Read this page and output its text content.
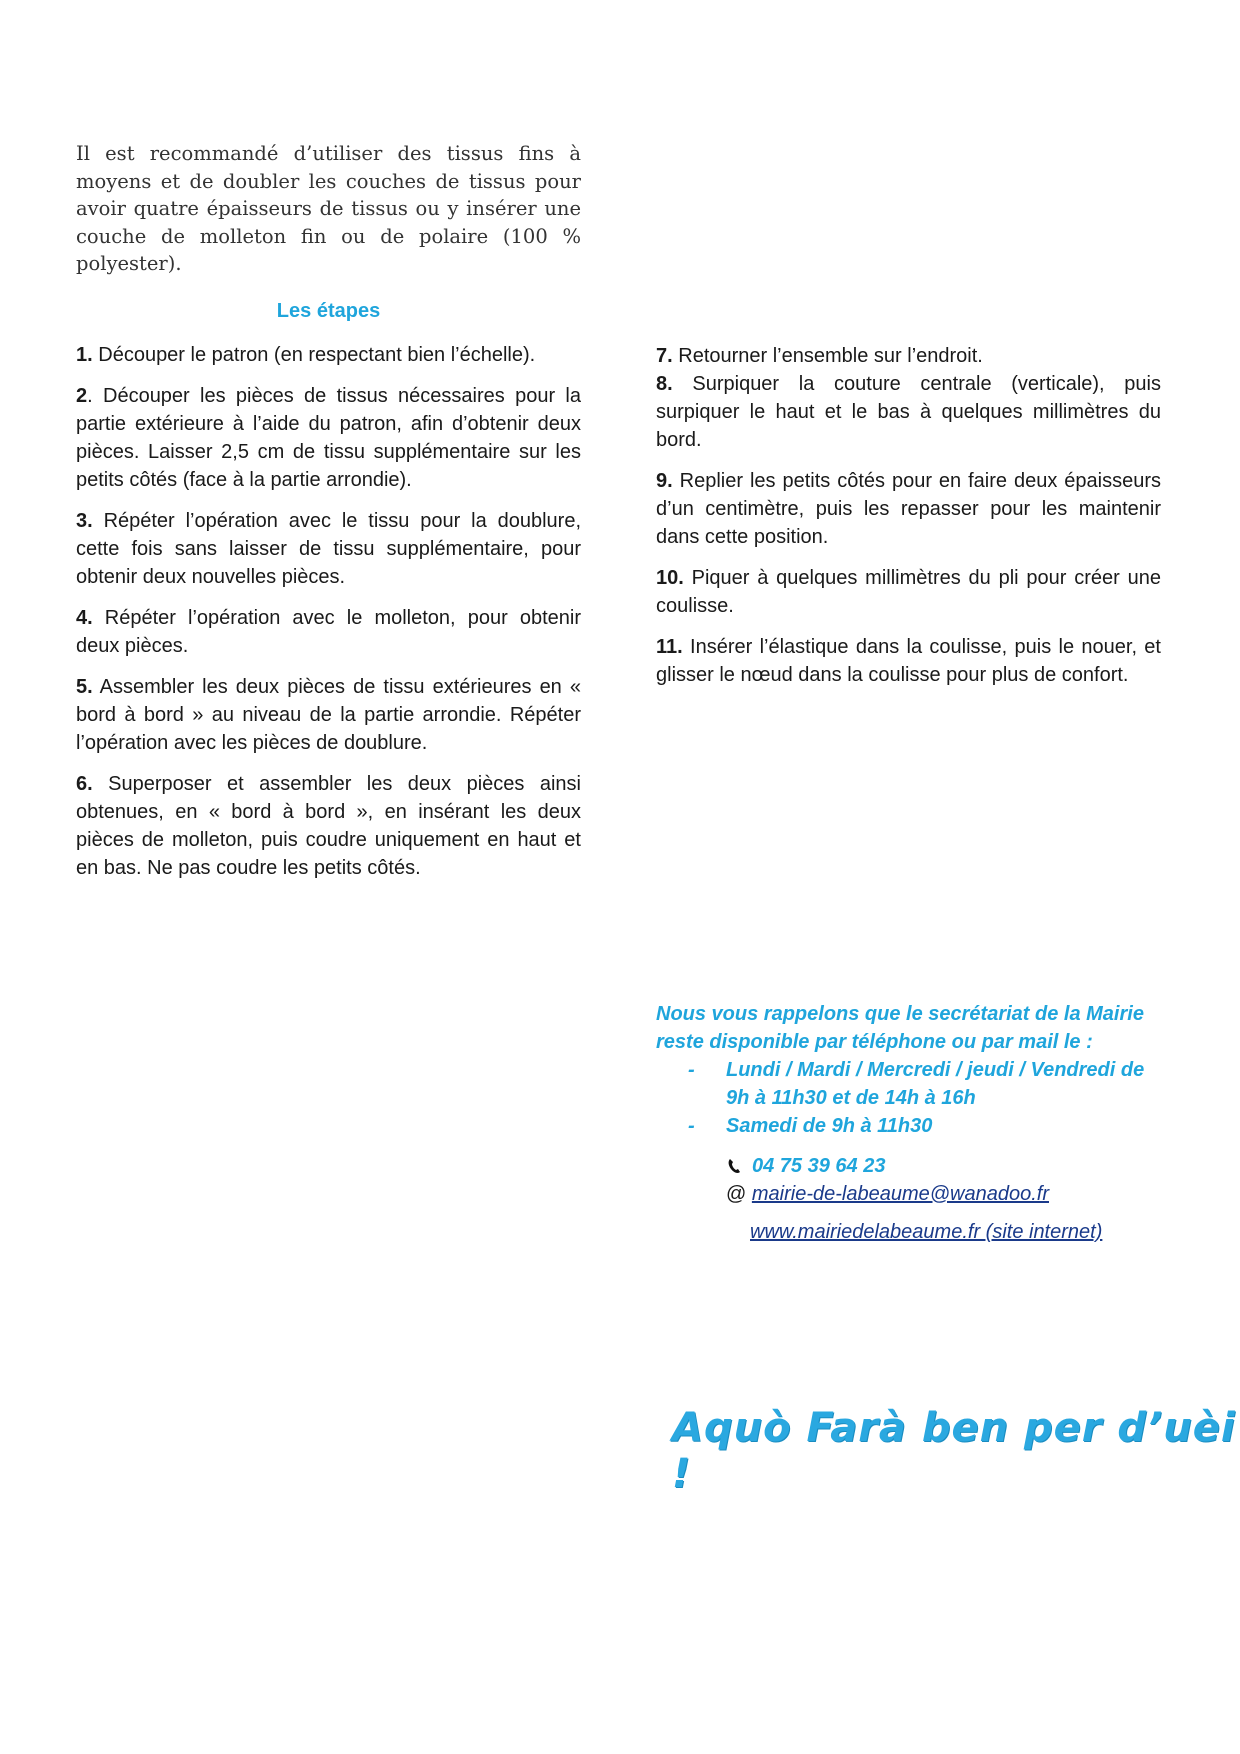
Il est recommandé d’utiliser des tissus fins à moyens et de doubler les couches de tissus pour avoir quatre épaisseurs de tissus ou y insérer une couche de molleton fin ou de polaire (100 % polyester).

Les étapes

1. Découper le patron (en respectant bien l’échelle).

2. Découper les pièces de tissus nécessaires pour la partie extérieure à l’aide du patron, afin d’obtenir deux pièces. Laisser 2,5 cm de tissu supplémentaire sur les petits côtés (face à la partie arrondie).

3. Répéter l’opération avec le tissu pour la doublure, cette fois sans laisser de tissu supplémentaire, pour obtenir deux nouvelles pièces.

4. Répéter l’opération avec le molleton, pour obtenir deux pièces.

5. Assembler les deux pièces de tissu extérieures en « bord à bord » au niveau de la partie arrondie. Répéter l’opération avec les pièces de doublure.

6. Superposer et assembler les deux pièces ainsi obtenues, en « bord à bord », en insérant les deux pièces de molleton, puis coudre uniquement en haut et en bas. Ne pas coudre les petits côtés.

7. Retourner l’ensemble sur l’endroit.

8. Surpiquer la couture centrale (verticale), puis surpiquer le haut et le bas à quelques millimètres du bord.

9. Replier les petits côtés pour en faire deux épaisseurs d’un centimètre, puis les repasser pour les maintenir dans cette position.

10. Piquer à quelques millimètres du pli pour créer une coulisse.

11. Insérer l’élastique dans la coulisse, puis le nouer, et glisser le nœud dans la coulisse pour plus de confort.

Nous vous rappelons que le secrétariat de la Mairie reste disponible par téléphone ou par mail le :

- Lundi / Mardi / Mercredi / jeudi / Vendredi de 9h à 11h30 et de 14h à 16h
- Samedi de 9h à 11h30
04 75 39 64 23
@ mairie-de-labeaume@wanadoo.fr
www.mairiedelabeaume.fr (site internet)
Aquò Farà ben per d’uèi !
